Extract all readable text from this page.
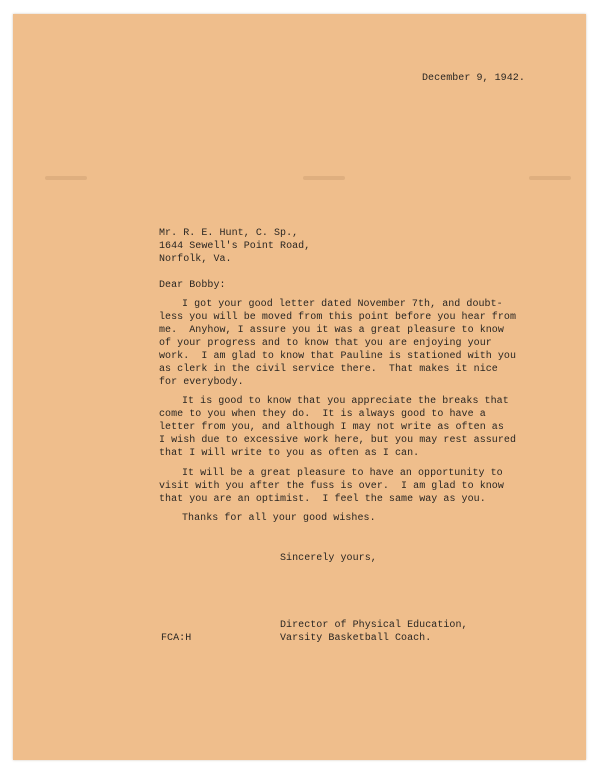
December 9, 1942.
Mr. R. E. Hunt, C. Sp.,
1644 Sewell's Point Road,
Norfolk, Va.
Dear Bobby:
I got your good letter dated November 7th, and doubt-
less you will be moved from this point before you hear from
me.  Anyhow, I assure you it was a great pleasure to know
of your progress and to know that you are enjoying your
work.  I am glad to know that Pauline is stationed with you
as clerk in the civil service there.  That makes it nice
for everybody.
It is good to know that you appreciate the breaks that
come to you when they do.  It is always good to have a
letter from you, and although I may not write as often as
I wish due to excessive work here, but you may rest assured
that I will write to you as often as I can.
It will be a great pleasure to have an opportunity to
visit with you after the fuss is over.  I am glad to know
that you are an optimist.  I feel the same way as you.
Thanks for all your good wishes.
Sincerely yours,
Director of Physical Education,
Varsity Basketball Coach.
FCA:H
